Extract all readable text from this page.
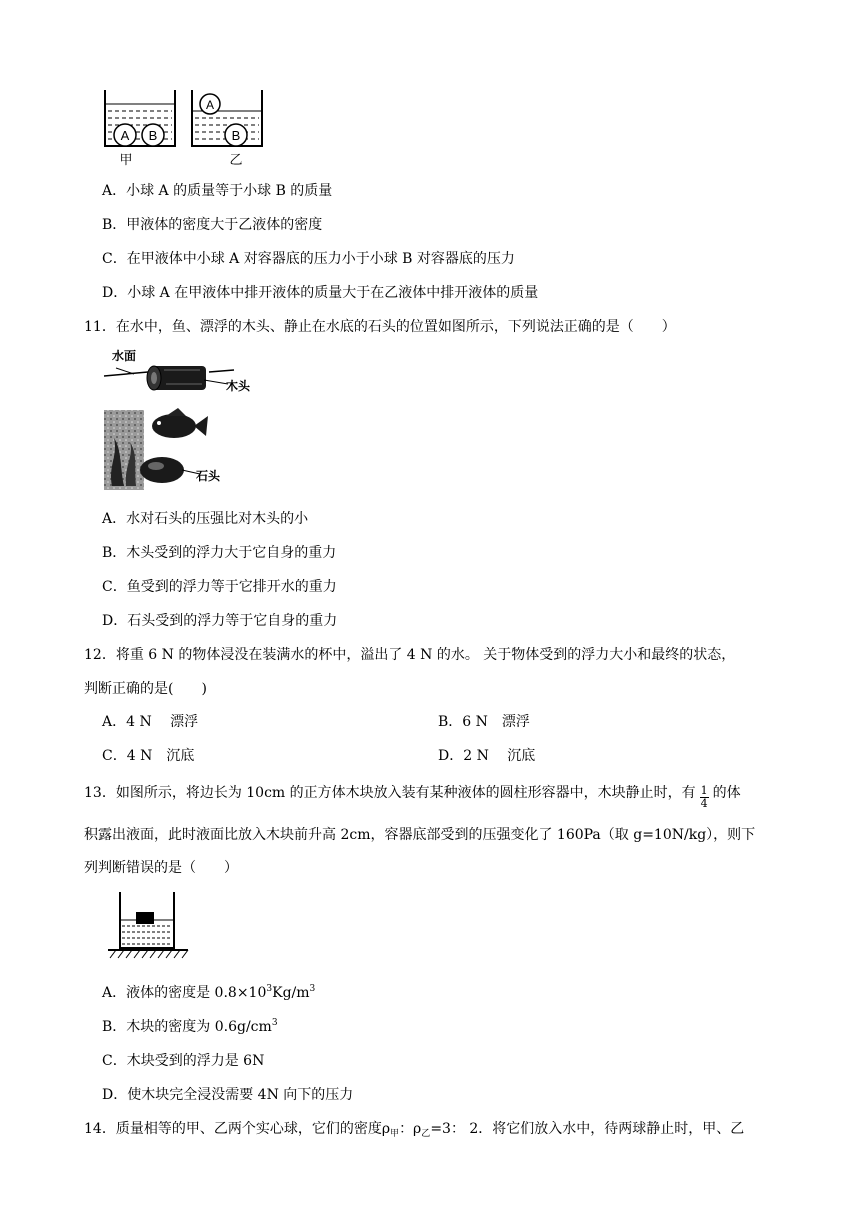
A B
A
B
甲	乙
A．小球 A 的质量等于小球 B 的质量
B．甲液体的密度大于乙液体的密度
C．在甲液体中小球 A 对容器底的压力小于小球 B 对容器底的压力
D．小球 A 在甲液体中排开液体的质量大于在乙液体中排开液体的质量
11．在水中，鱼、漂浮的木头、静止在水底的石头的位置如图所示，下列说法正确的是（　　）
水面
木头
石头
A．水对石头的压强比对木头的小
B．木头受到的浮力大于它自身的重力
C．鱼受到的浮力等于它排开水的重力
D．石头受到的浮力等于它自身的重力
12．将重 6 N 的物体浸没在装满水的杯中，溢出了 4 N 的水。 关于物体受到的浮力大小和最终的状态，
判断正确的是(　　)
A．4 N　 漂浮	B．6 N　漂浮
C．4 N　沉底	D．2 N　 沉底
13．如图所示，将边长为 10cm 的正方体木块放入装有某种液体的圆柱形容器中，木块静止时，有 $\frac{1}{4}$ 的体
积露出液面，此时液面比放入木块前升高 2cm，容器底部受到的压强变化了 160Pa（取 g=10N/kg），则下
列判断错误的是（　　）
A．液体的密度是 $0.8\times 10^3Kg/m^3$
B．木块的密度为 $0.6g/cm^3$
C．木块受到的浮力是 6N
D．使木块完全浸没需要 4N 向下的压力
14．质量相等的甲、乙两个实心球，它们的密度$\rho_甲$：$\rho_乙=3$： 2．将它们放入水中，待两球静止时，甲、乙
